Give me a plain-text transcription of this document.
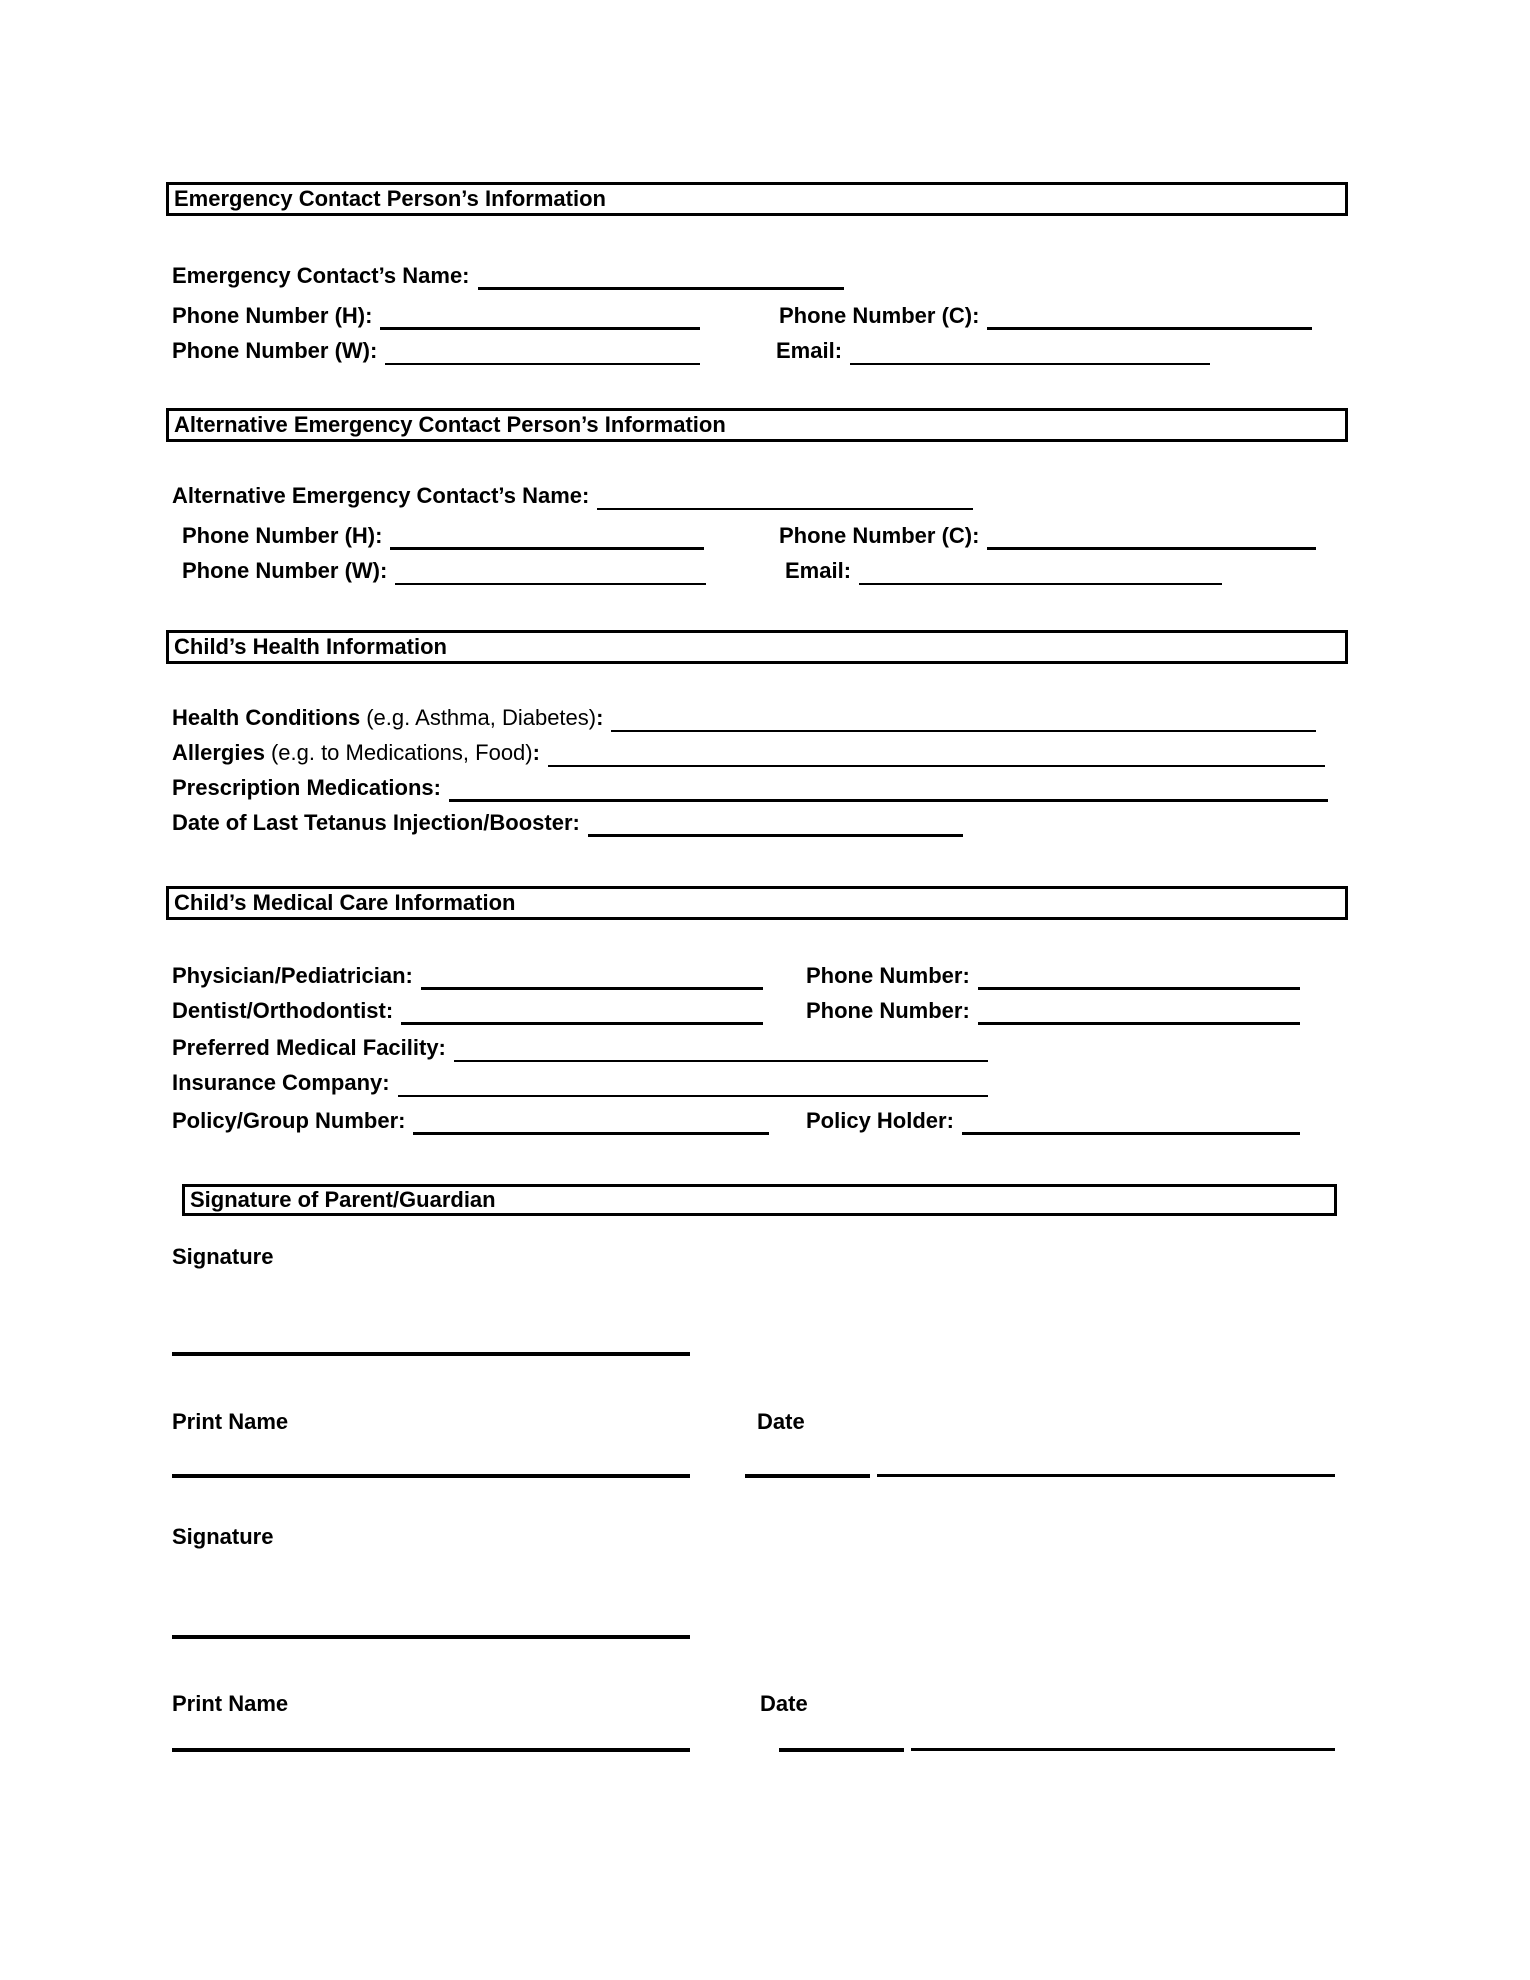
Emergency Contact Person’s Information
Emergency Contact’s Name:
Phone Number (H):	Phone Number (C):
Phone Number (W):	Email:
Alternative Emergency Contact Person’s Information
Alternative Emergency Contact’s Name:
Phone Number (H):	Phone Number (C):
Phone Number (W):	Email:
Child’s Health Information
Health Conditions (e.g. Asthma, Diabetes) :
Allergies (e.g. to Medications, Food) :
Prescription Medications:
Date of Last Tetanus Injection/Booster:
Child’s Medical Care Information
Physician/Pediatrician:	Phone Number:
Dentist/Orthodontist:	Phone Number:
Preferred Medical Facility:
Insurance Company:
Policy/Group Number:	Policy Holder:
Signature of Parent/Guardian
Signature
Print Name	Date
Signature
Print Name	Date
